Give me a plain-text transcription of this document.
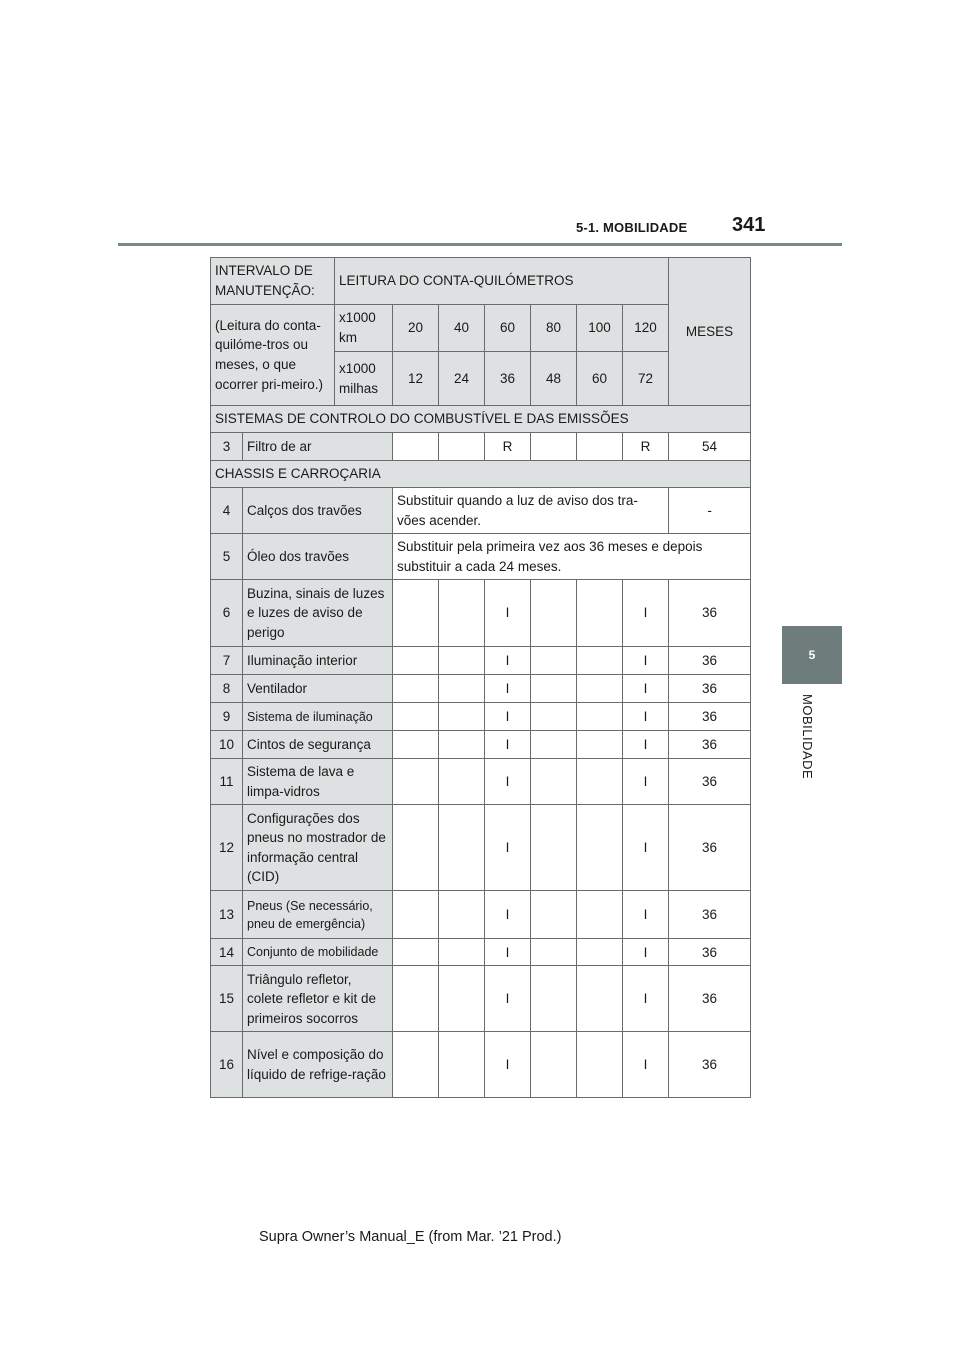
5-1. MOBILIDADE 341
5
MOBILIDADE
INTERVALO DE MANUTENÇÃO:		LEITURA DO CONTA-QUILÓMETROS							MESES
(Leitura do conta-quilóme-tros ou meses, o que ocorrer pri-meiro.)		x1000 km	20	40	60	80	100	120	
		x1000 milhas	12	24	36	48	60	72	
SISTEMAS DE CONTROLO DO COMBUSTÍVEL E DAS EMISSÕES									
3	Filtro de ar				R			R	54
CHASSIS E CARROÇARIA									
4	Calços dos travões		Substituir quando a luz de aviso dos tra-vões acender.						-
5	Óleo dos travões		Substituir pela primeira vez aos 36 meses e depois substituir a cada 24 meses.						
6	Buzina, sinais de luzes e luzes de aviso de perigo				I			I	36
7	Iluminação interior				I			I	36
8	Ventilador				I			I	36
9	Sistema de iluminação				I			I	36
10	Cintos de segurança				I			I	36
11	Sistema de lava e limpa-vidros				I			I	36
12	Configurações dos pneus no mostrador de informação central (CID)				I			I	36
13	Pneus (Se necessário, pneu de emergência)				I			I	36
14	Conjunto de mobilidade				I			I	36
15	Triângulo refletor, colete refletor e kit de primeiros socorros				I			I	36
16	Nível e composição do líquido de refrige-ração				I			I	36
Supra Owner’s Manual_E (from Mar. ’21 Prod.)
